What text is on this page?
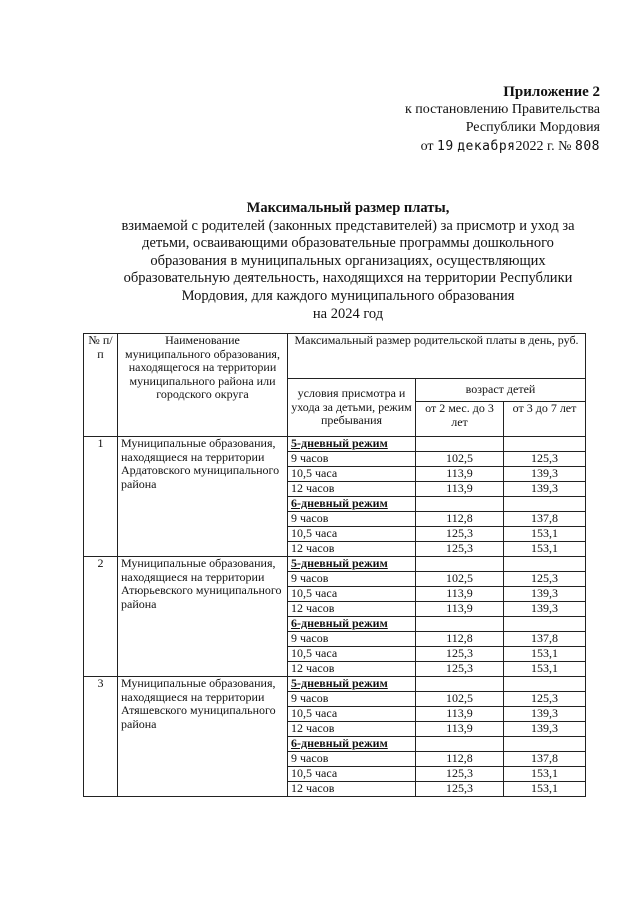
Приложение 2
к постановлению Правительства
Республики Мордовия
от 19 декабря2022 г. № 808
Максимальный размер платы,
взимаемой с родителей (законных представителей) за присмотр и уход за
детьми, осваивающими образовательные программы дошкольного
образования в муниципальных организациях, осуществляющих
образовательную деятельность, находящихся на территории Республики
Мордовия, для каждого муниципального образования
на 2024 год
№ п/п	Наименование муниципального образования, находящегося на территории муниципального района или городского округа	Максимальный размер родительской платы в день, руб.		
		условия присмотра и ухода за детьми, режим пребывания	возраст детей	
			от 2 мес. до 3 лет	от 3 до 7 лет
1	Муниципальные образования, находящиеся на территории Ардатовского муниципального района	5-дневный режим		
		9 часов	102,5	125,3
		10,5 часа	113,9	139,3
		12 часов	113,9	139,3
		6-дневный режим		
		9 часов	112,8	137,8
		10,5 часа	125,3	153,1
		12 часов	125,3	153,1
2	Муниципальные образования, находящиеся на территории Атюрьевского муниципального района	5-дневный режим		
		9 часов	102,5	125,3
		10,5 часа	113,9	139,3
		12 часов	113,9	139,3
		6-дневный режим		
		9 часов	112,8	137,8
		10,5 часа	125,3	153,1
		12 часов	125,3	153,1
3	Муниципальные образования, находящиеся на территории Атяшевского муниципального района	5-дневный режим		
		9 часов	102,5	125,3
		10,5 часа	113,9	139,3
		12 часов	113,9	139,3
		6-дневный режим		
		9 часов	112,8	137,8
		10,5 часа	125,3	153,1
		12 часов	125,3	153,1
